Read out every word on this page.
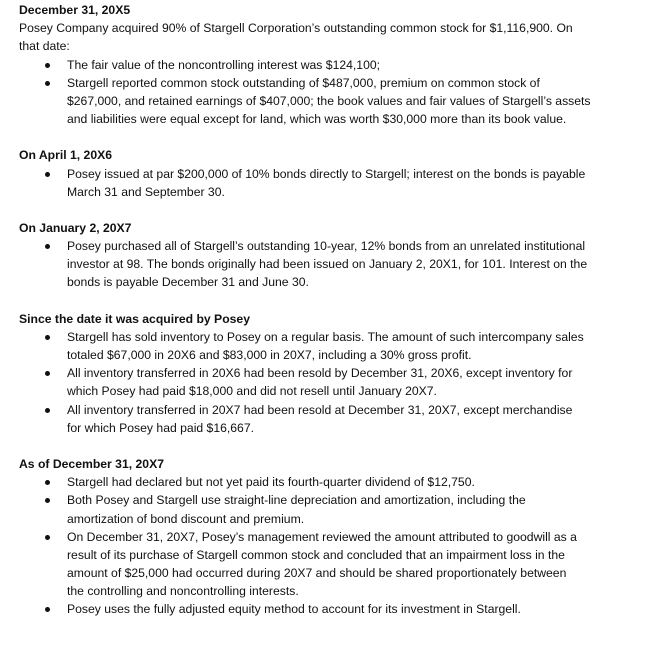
December 31, 20X5
Posey Company acquired 90% of Stargell Corporation’s outstanding common stock for $1,116,900. On
that date:
The fair value of the noncontrolling interest was $124,100;
Stargell reported common stock outstanding of $487,000, premium on common stock of
$267,000, and retained earnings of $407,000; the book values and fair values of Stargell’s assets
and liabilities were equal except for land, which was worth $30,000 more than its book value.
On April 1, 20X6
Posey issued at par $200,000 of 10% bonds directly to Stargell; interest on the bonds is payable
March 31 and September 30.
On January 2, 20X7
Posey purchased all of Stargell’s outstanding 10-year, 12% bonds from an unrelated institutional
investor at 98. The bonds originally had been issued on January 2, 20X1, for 101. Interest on the
bonds is payable December 31 and June 30.
Since the date it was acquired by Posey
Stargell has sold inventory to Posey on a regular basis. The amount of such intercompany sales
totaled $67,000 in 20X6 and $83,000 in 20X7, including a 30% gross profit.
All inventory transferred in 20X6 had been resold by December 31, 20X6, except inventory for
which Posey had paid $18,000 and did not resell until January 20X7.
All inventory transferred in 20X7 had been resold at December 31, 20X7, except merchandise
for which Posey had paid $16,667.
As of December 31, 20X7
Stargell had declared but not yet paid its fourth-quarter dividend of $12,750.
Both Posey and Stargell use straight-line depreciation and amortization, including the
amortization of bond discount and premium.
On December 31, 20X7, Posey’s management reviewed the amount attributed to goodwill as a
result of its purchase of Stargell common stock and concluded that an impairment loss in the
amount of $25,000 had occurred during 20X7 and should be shared proportionately between
the controlling and noncontrolling interests.
Posey uses the fully adjusted equity method to account for its investment in Stargell.
